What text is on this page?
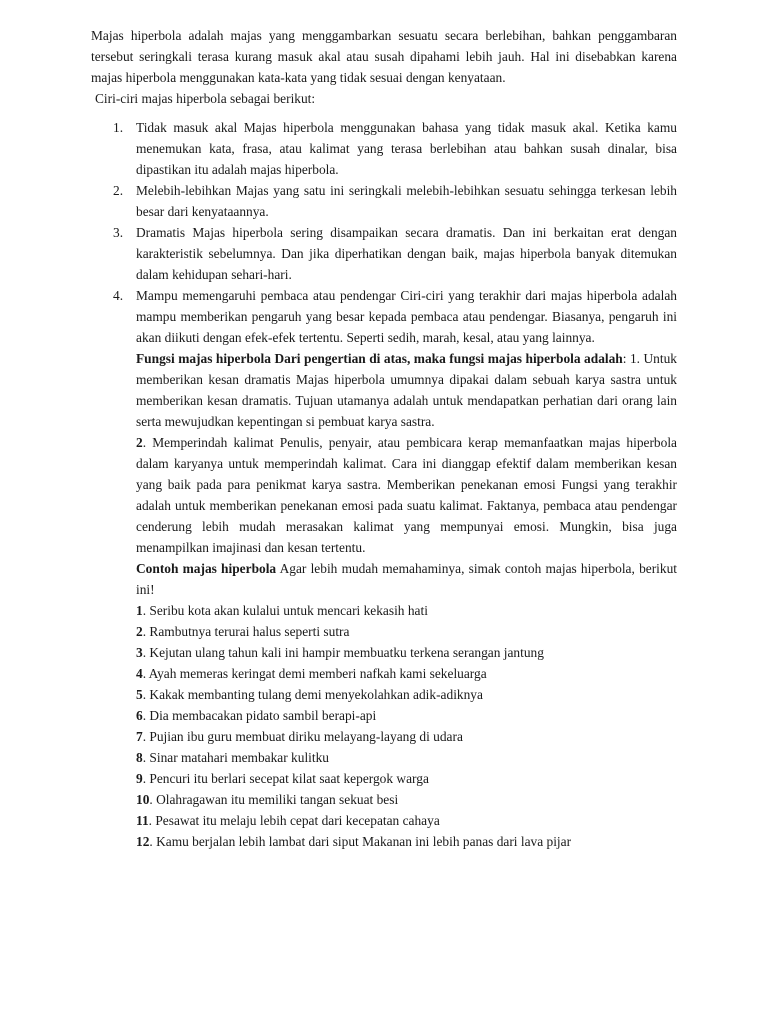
Majas hiperbola adalah majas yang menggambarkan sesuatu secara berlebihan, bahkan penggambaran tersebut seringkali terasa kurang masuk akal atau susah dipahami lebih jauh. Hal ini disebabkan karena majas hiperbola menggunakan kata-kata yang tidak sesuai dengan kenyataan.

Ciri-ciri majas hiperbola sebagai berikut:

1. Tidak masuk akal Majas hiperbola menggunakan bahasa yang tidak masuk akal. Ketika kamu menemukan kata, frasa, atau kalimat yang terasa berlebihan atau bahkan susah dinalar, bisa dipastikan itu adalah majas hiperbola.

2. Melebih-lebihkan Majas yang satu ini seringkali melebih-lebihkan sesuatu sehingga terkesan lebih besar dari kenyataannya.

3. Dramatis Majas hiperbola sering disampaikan secara dramatis. Dan ini berkaitan erat dengan karakteristik sebelumnya. Dan jika diperhatikan dengan baik, majas hiperbola banyak ditemukan dalam kehidupan sehari-hari.

4. Mampu memengaruhi pembaca atau pendengar Ciri-ciri yang terakhir dari majas hiperbola adalah mampu memberikan pengaruh yang besar kepada pembaca atau pendengar. Biasanya, pengaruh ini akan diikuti dengan efek-efek tertentu. Seperti sedih, marah, kesal, atau yang lainnya.

Fungsi majas hiperbola Dari pengertian di atas, maka fungsi majas hiperbola adalah: 1. Untuk memberikan kesan dramatis Majas hiperbola umumnya dipakai dalam sebuah karya sastra untuk memberikan kesan dramatis. Tujuan utamanya adalah untuk mendapatkan perhatian dari orang lain serta mewujudkan kepentingan si pembuat karya sastra.

2. Memperindah kalimat Penulis, penyair, atau pembicara kerap memanfaatkan majas hiperbola dalam karyanya untuk memperindah kalimat. Cara ini dianggap efektif dalam memberikan kesan yang baik pada para penikmat karya sastra. Memberikan penekanan emosi Fungsi yang terakhir adalah untuk memberikan penekanan emosi pada suatu kalimat. Faktanya, pembaca atau pendengar cenderung lebih mudah merasakan kalimat yang mempunyai emosi. Mungkin, bisa juga menampilkan imajinasi dan kesan tertentu.

Contoh majas hiperbola Agar lebih mudah memahaminya, simak contoh majas hiperbola, berikut ini!

1. Seribu kota akan kulalui untuk mencari kekasih hati

2. Rambutnya terurai halus seperti sutra

3. Kejutan ulang tahun kali ini hampir membuatku terkena serangan jantung

4. Ayah memeras keringat demi memberi nafkah kami sekeluarga

5. Kakak membanting tulang demi menyekolahkan adik-adiknya

6. Dia membacakan pidato sambil berapi-api

7. Pujian ibu guru membuat diriku melayang-layang di udara

8. Sinar matahari membakar kulitku

9. Pencuri itu berlari secepat kilat saat kepergok warga

10. Olahragawan itu memiliki tangan sekuat besi

11. Pesawat itu melaju lebih cepat dari kecepatan cahaya

12. Kamu berjalan lebih lambat dari siput Makanan ini lebih panas dari lava pijar
